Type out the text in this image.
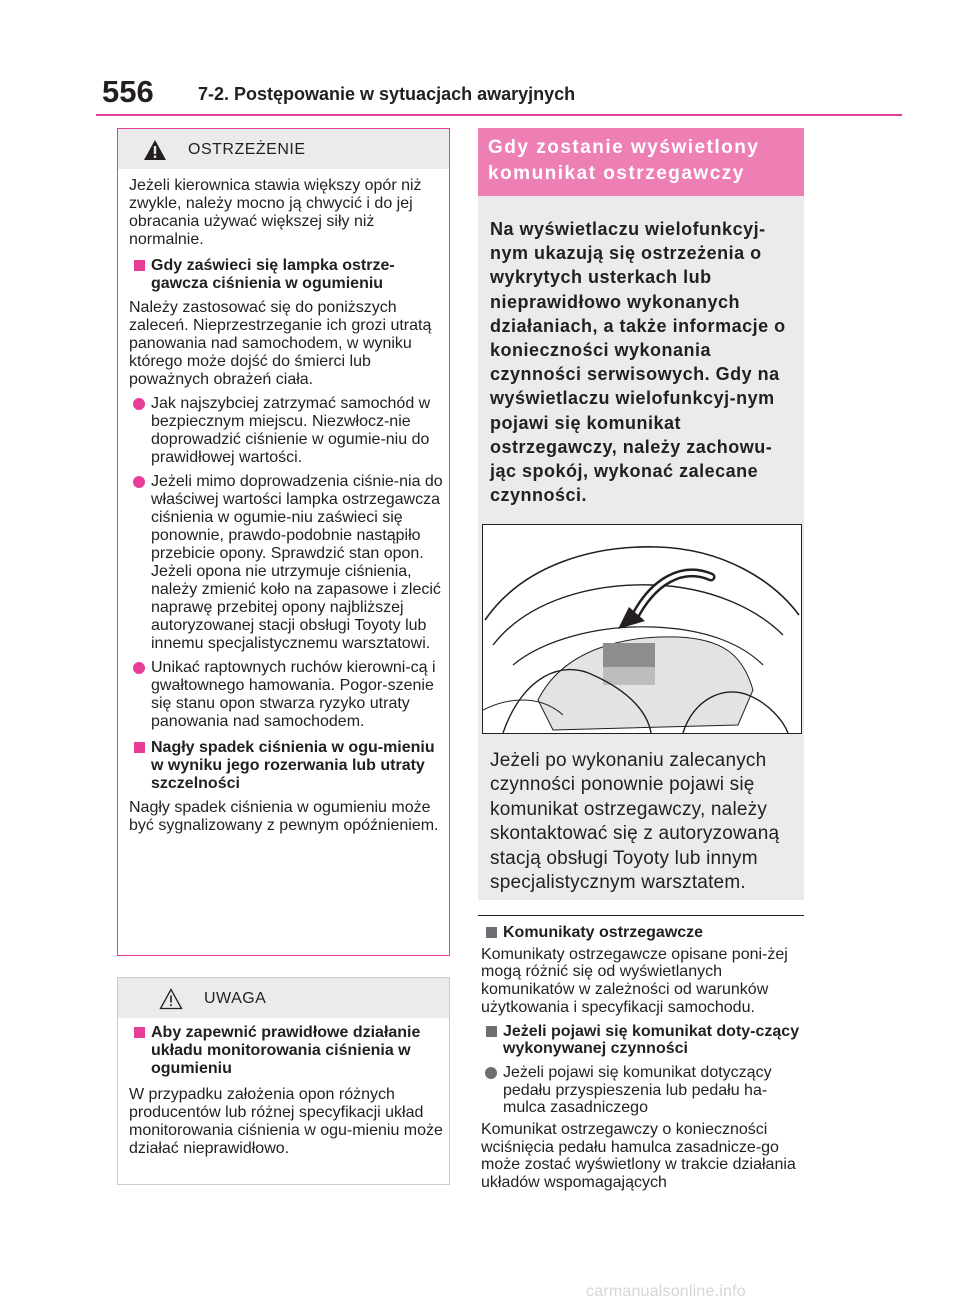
556 7-2. Postępowanie w sytuacjach awaryjnych
OSTRZEŻENIE

Jeżeli kierownica stawia większy opór niż zwykle, należy mocno ją chwycić i do jej obracania używać większej siły niż normalnie.

Gdy zaświeci się lampka ostrze-gawcza ciśnienia w ogumieniu

Należy zastosować się do poniższych zaleceń. Nieprzestrzeganie ich grozi utratą panowania nad samochodem, w wyniku którego może dojść do śmierci lub poważnych obrażeń ciała.

Jak najszybciej zatrzymać samochód w bezpiecznym miejscu. Niezwłocz-nie doprowadzić ciśnienie w ogumie-niu do prawidłowej wartości.
Jeżeli mimo doprowadzenia ciśnie-nia do właściwej wartości lampka ostrzegawcza ciśnienia w ogumie-niu zaświeci się ponownie, prawdo-podobnie nastąpiło przebicie opony. Sprawdzić stan opon. Jeżeli opona nie utrzymuje ciśnienia, należy zmienić koło na zapasowe i zlecić naprawę przebitej opony najbliższej autoryzowanej stacji obsługi Toyoty lub innemu specjalistycznemu warsztatowi.
Unikać raptownych ruchów kierowni-cą i gwałtownego hamowania. Pogor-szenie się stanu opon stwarza ryzyko utraty panowania nad samochodem.
Nagły spadek ciśnienia w ogu-mieniu w wyniku jego rozerwania lub utraty szczelności

Nagły spadek ciśnienia w ogumieniu może być sygnalizowany z pewnym opóźnieniem.

UWAGA
Aby zapewnić prawidłowe działanie układu monitorowania ciśnienia w ogumieniu

W przypadku założenia opon różnych producentów lub różnej specyfikacji układ monitorowania ciśnienia w ogu-mieniu może działać nieprawidłowo.

Gdy zostanie wyświetlony komunikat ostrzegawczy
Na wyświetlaczu wielofunkcyj-nym ukazują się ostrzeżenia o wykrytych usterkach lub nieprawidłowo wykonanych działaniach, a także informacje o konieczności wykonania czynności serwisowych. Gdy na wyświetlaczu wielofunkcyj-nym pojawi się komunikat ostrzegawczy, należy zachowu-jąc spokój, wykonać zalecane czynności.
Jeżeli po wykonaniu zalecanych czynności ponownie pojawi się komunikat ostrzegawczy, należy skontaktować się z autoryzowaną stacją obsługi Toyoty lub innym specjalistycznym warsztatem.
Komunikaty ostrzegawcze

Komunikaty ostrzegawcze opisane poni-żej mogą różnić się od wyświetlanych komunikatów w zależności od warunków użytkowania i specyfikacji samochodu.

Jeżeli pojawi się komunikat doty-czący wykonywanej czynności
Jeżeli pojawi się komunikat dotyczący pedału przyspieszenia lub pedału ha-mulca zasadniczego

Komunikat ostrzegawczy o konieczności wciśnięcia pedału hamulca zasadnicze-go może zostać wyświetlony w trakcie działania układów wspomagających

carmanualsonline.info
